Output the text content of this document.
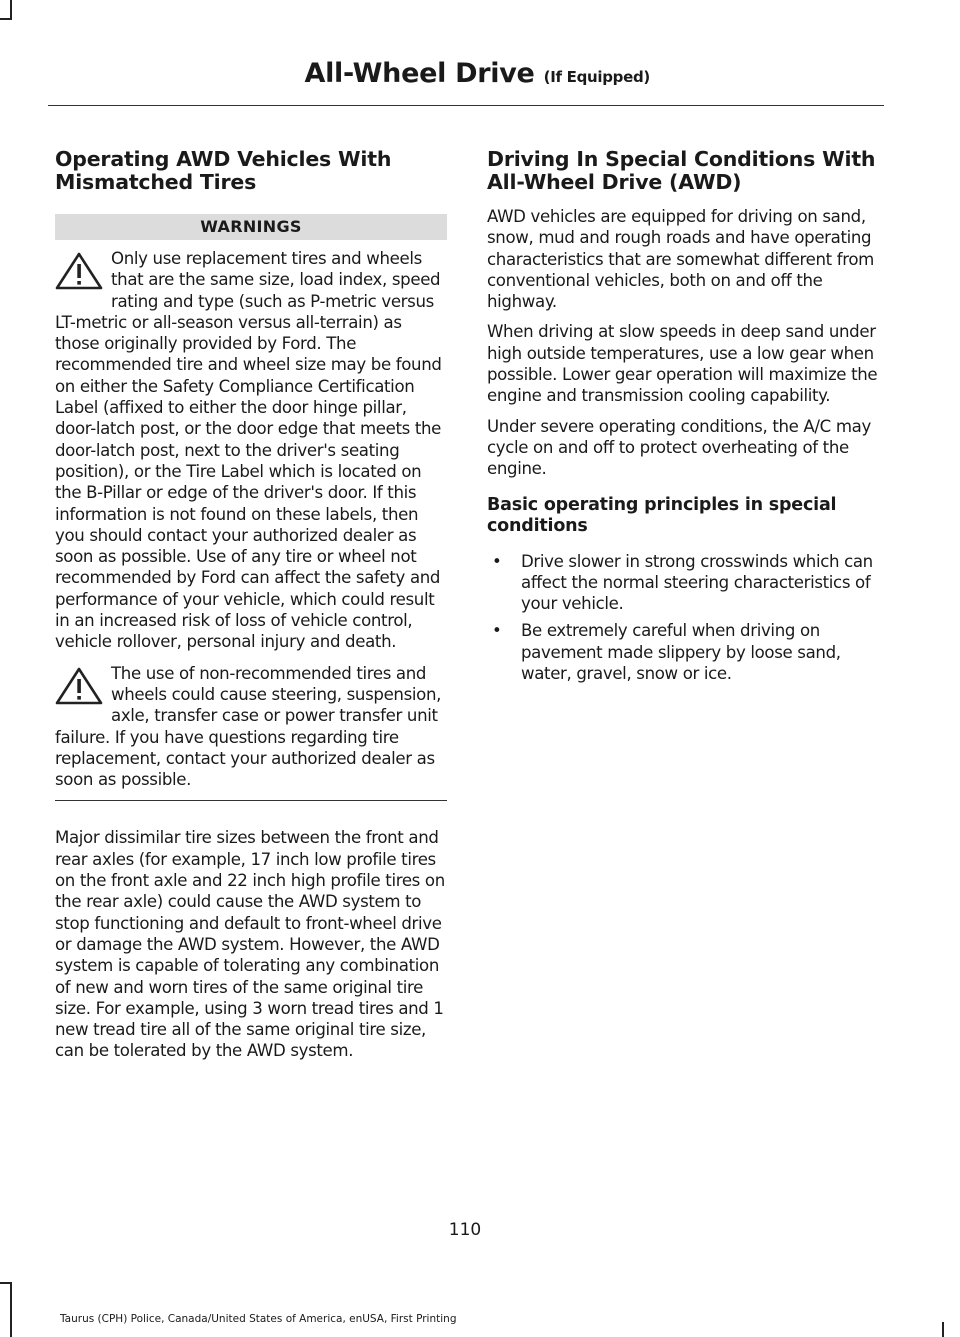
All-Wheel Drive (If Equipped)
Operating AWD Vehicles With Mismatched Tires
WARNINGS

Only use replacement tires and wheels that are the same size, load index, speed rating and type (such as P-metric versus LT-metric or all-season versus all-terrain) as those originally provided by Ford. The recommended tire and wheel size may be found on either the Safety Compliance Certification Label (affixed to either the door hinge pillar, door-latch post, or the door edge that meets the door-latch post, next to the driver's seating position), or the Tire Label which is located on the B-Pillar or edge of the driver's door. If this information is not found on these labels, then you should contact your authorized dealer as soon as possible. Use of any tire or wheel not recommended by Ford can affect the safety and performance of your vehicle, which could result in an increased risk of loss of vehicle control, vehicle rollover, personal injury and death.

The use of non-recommended tires and wheels could cause steering, suspension, axle, transfer case or power transfer unit failure. If you have questions regarding tire replacement, contact your authorized dealer as soon as possible.

Major dissimilar tire sizes between the front and rear axles (for example, 17 inch low profile tires on the front axle and 22 inch high profile tires on the rear axle) could cause the AWD system to stop functioning and default to front-wheel drive or damage the AWD system. However, the AWD system is capable of tolerating any combination of new and worn tires of the same original tire size. For example, using 3 worn tread tires and 1 new tread tire all of the same original tire size, can be tolerated by the AWD system.

Driving In Special Conditions With All-Wheel Drive (AWD)

AWD vehicles are equipped for driving on sand, snow, mud and rough roads and have operating characteristics that are somewhat different from conventional vehicles, both on and off the highway.

When driving at slow speeds in deep sand under high outside temperatures, use a low gear when possible. Lower gear operation will maximize the engine and transmission cooling capability.

Under severe operating conditions, the A/C may cycle on and off to protect overheating of the engine.

Basic operating principles in special conditions
• Drive slower in strong crosswinds which can affect the normal steering characteristics of your vehicle.

• Be extremely careful when driving on pavement made slippery by loose sand, water, gravel, snow or ice.

110
Taurus (CPH) Police, Canada/United States of America, enUSA, First Printing
